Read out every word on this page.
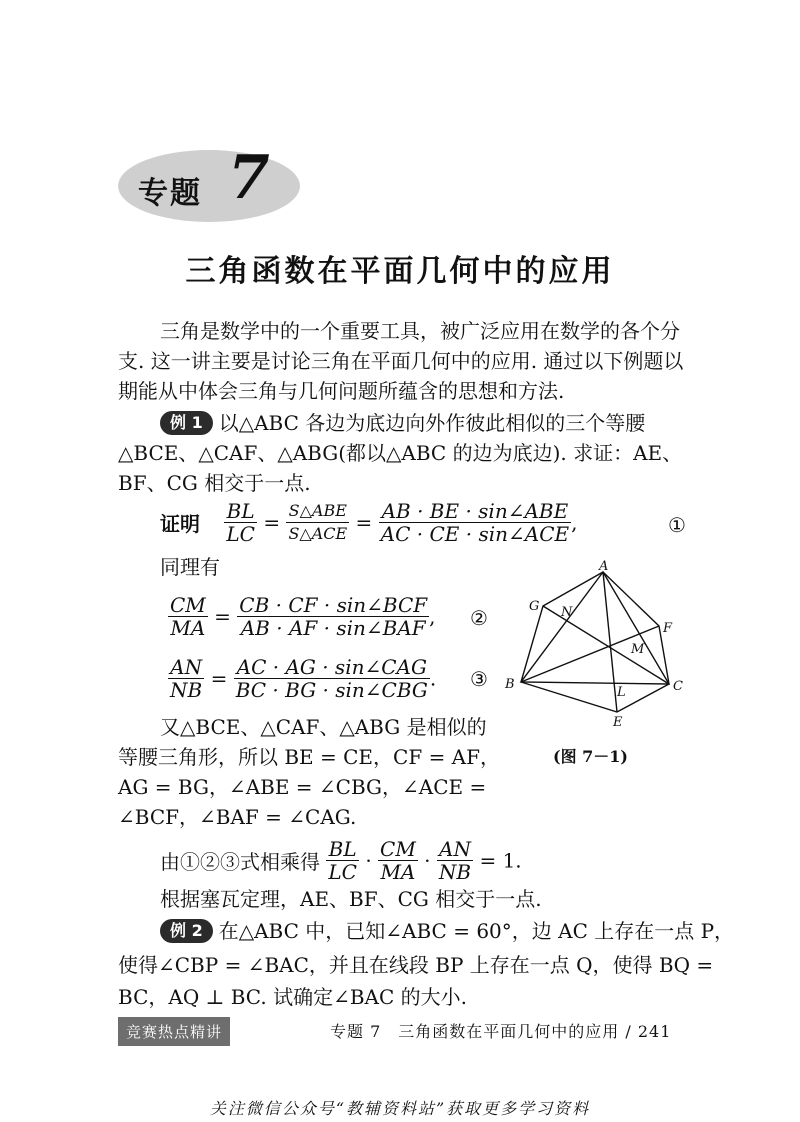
专题 7
三角函数在平面几何中的应用
三角是数学中的一个重要工具，被广泛应用在数学的各个分
支. 这一讲主要是讨论三角在平面几何中的应用. 通过以下例题以
期能从中体会三角与几何问题所蕴含的思想和方法.
例 1 以△ABC 各边为底边向外作彼此相似的三个等腰
△BCE、△CAF、△ABG(都以△ABC 的边为底边). 求证：AE、
BF、CG 相交于一点.
证明 $\frac{BL}{LC} = \frac{\text{S△ABE}}{\text{S△ACE}} = \frac{\text{AB · BE · sin∠ABE}}{\text{AC · CE · sin∠ACE}}$ ,	①
同理有
$\frac{CM}{MA} = \frac{\text{CB · CF · sin∠BCF}}{\text{AB · AF · sin∠BAF}}$ , ②
$\frac{AN}{NB} = \frac{\text{AC · AG · sin∠CAG}}{\text{BC · BG · sin∠CBG}}$ . ③
又△BCE、△CAF、△ABG 是相似的
等腰三角形，所以 BE = CE，CF = AF，
AG = BG，∠ABE = ∠CBG，∠ACE =
∠BCF，∠BAF = ∠CAG.
由①②③式相乘得 $\frac{BL}{LC} \cdot \frac{CM}{MA} \cdot \frac{AN}{NB} = 1$.
根据塞瓦定理，AE、BF、CG 相交于一点.
例 2 在△ABC 中，已知∠ABC = 60°，边 AC 上存在一点 P，
使得∠CBP = ∠BAC，并且在线段 BP 上存在一点 Q，使得 BQ =
BC，AQ ⊥ BC. 试确定∠BAC 的大小.
A
B	C
E
F
G
L
M
N
(图 7－1)
竞赛热点精讲	专题 7　三角函数在平面几何中的应用 / 241
关注微信公众号“教辅资料站”获取更多学习资料
